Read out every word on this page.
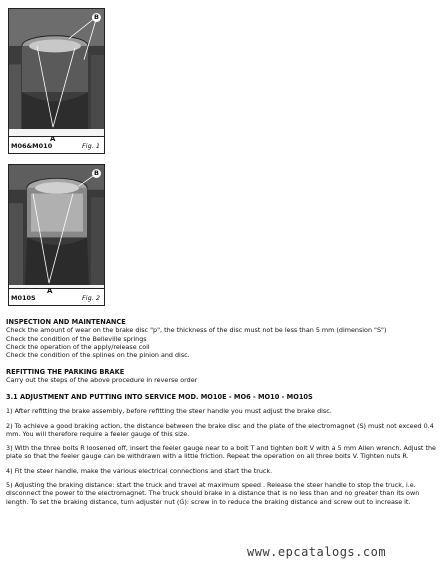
B
M06&M010
A
Fig. 1
B
M010S
A
Fig. 2
INSPECTION AND MAINTENANCE

Check the amount of wear on the brake disc "p", the thickness of the disc must not be less than 5 mm (dimension "S")

Check the condition of the Belleville springs

Check the operation of the apply/release coil

Check the condition of the splines on the pinion and disc.

REFITTING THE PARKING BRAKE

Carry out the steps of the above procedure in reverse order

3.1 ADJUSTMENT AND PUTTING INTO SERVICE MOD. MO10E - MO6 - MO10 - MO10S

1) After refitting the brake assembly, before refitting the steer handle you must adjust the brake disc.

2) To achieve a good braking action, the distance between the brake disc and the plate of the electromagnet (S) must not exceed 0.4 mm. You will therefore require a feeler gauge of this size.

3) With the three bolts R loosened off, insert the feeler gauge near to a bolt T and tighten bolt V with a 5 mm Allen wrench. Adjust the plate so that the feeler gauge can be withdrawn with a little friction. Repeat the operation on all three bolts V. Tighten nuts R.

4) Fit the steer handle, make the various electrical connections and start the truck.

5) Adjusting the braking distance: start the truck and travel at maximum speed . Release the steer handle to stop the truck, i.e. disconnect the power to the electromagnet. The truck should brake in a distance that is no less than and no greater than its own length. To set the braking distance, turn adjuster nut (G): screw in to reduce the braking distance and screw out to increase it.

www.epcatalogs.com
